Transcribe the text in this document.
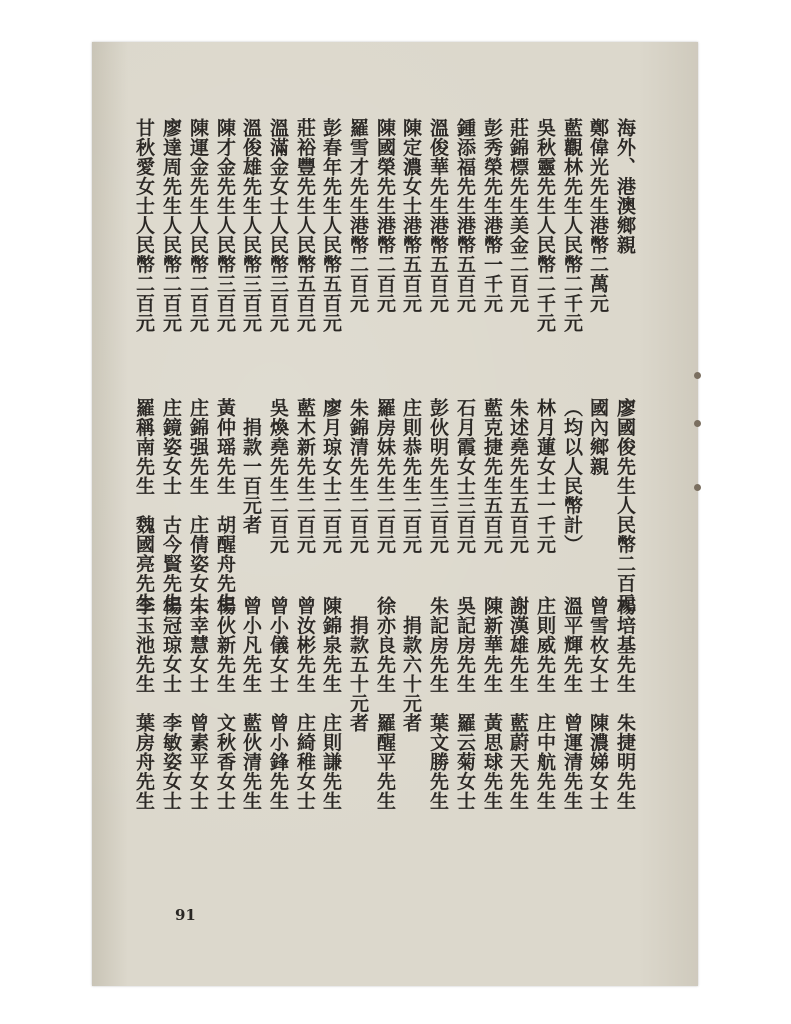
海外、港澳鄉親
鄭偉光先生港幣二萬元
藍觀林先生人民幣二千元
吳秋靈先生人民幣二千元
莊錦標先生美金二百元
彭秀榮先生港幣一千元
鍾添福先生港幣五百元
溫俊華先生港幣五百元
陳定濃女士港幣五百元
陳國榮先生港幣二百元
羅雪才先生港幣二百元
彭春年先生人民幣五百元
莊裕豐先生人民幣五百元
溫滿金女士人民幣三百元
溫俊雄先生人民幣三百元
陳才金先生人民幣三百元
陳運金先生人民幣二百元
廖達周先生人民幣二百元
甘秋愛女士人民幣二百元
廖國俊先生人民幣二百元
國內鄉親
（均以人民幣計）
林月蓮女士一千元
朱述堯先生五百元
藍克捷先生五百元
石月霞女士三百元
彭伙明先生三百元
庄則恭先生二百元
羅房妹先生二百元
朱錦清先生二百元
廖月琼女士二百元
藍木新先生二百元
吳煥堯先生二百元
　捐款一百元者
黃仲瑶先生　胡醒舟先生
庄錦强先生　庄倩姿女士
庄鏡姿女士　古今賢先生
羅稱南先生　魏國亮先生
楊培基先生　朱捷明先生
曾雪枚女士　陳濃娣女士
溫平輝先生　曾運清先生
庄則威先生　庄中航先生
謝漢雄先生　藍蔚天先生
陳新華先生　黃思球先生
吳記房先生　羅云菊女士
朱記房先生　葉文勝先生
　捐款六十元者
徐亦良先生　羅醒平先生
　捐款五十元者
陳錦泉先生　庄則謙先生
曾汝彬先生　庄綺稚女士
曾小儀女士　曾小鋒先生
曾小凡先生　藍伙清先生
楊伙新先生　文秋香女士
朱幸慧女士　曾素平女士
楊冠琼女士　李敏姿女士
李玉池先生　葉房舟先生
91
